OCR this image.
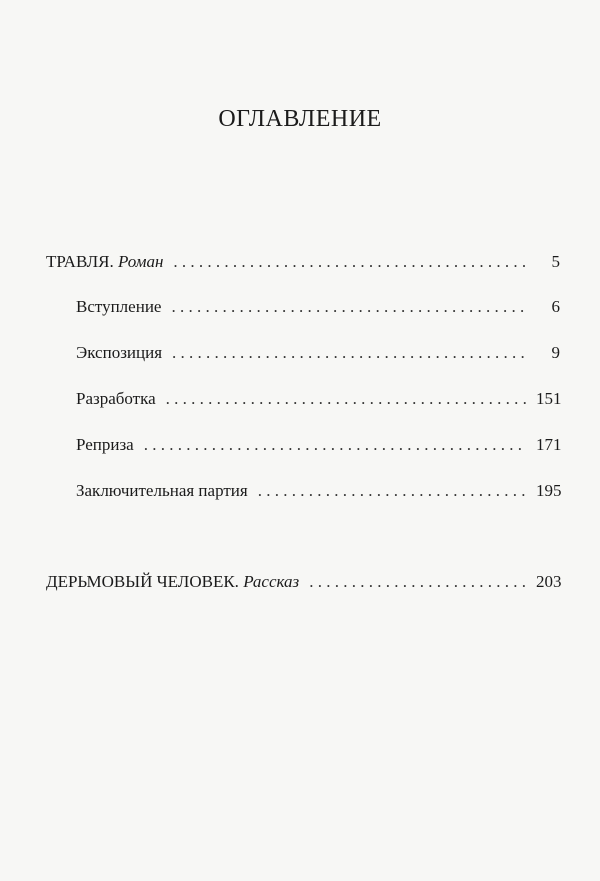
ОГЛАВЛЕНИЕ
ТРАВЛЯ. Роман . . .	5
Вступление . . .	6
Экспозиция . . .	9
Разработка . . .	151
Реприза . . .	171
Заключительная партия . . .	195
ДЕРЬМОВЫЙ ЧЕЛОВЕК. Рассказ . . .	203
